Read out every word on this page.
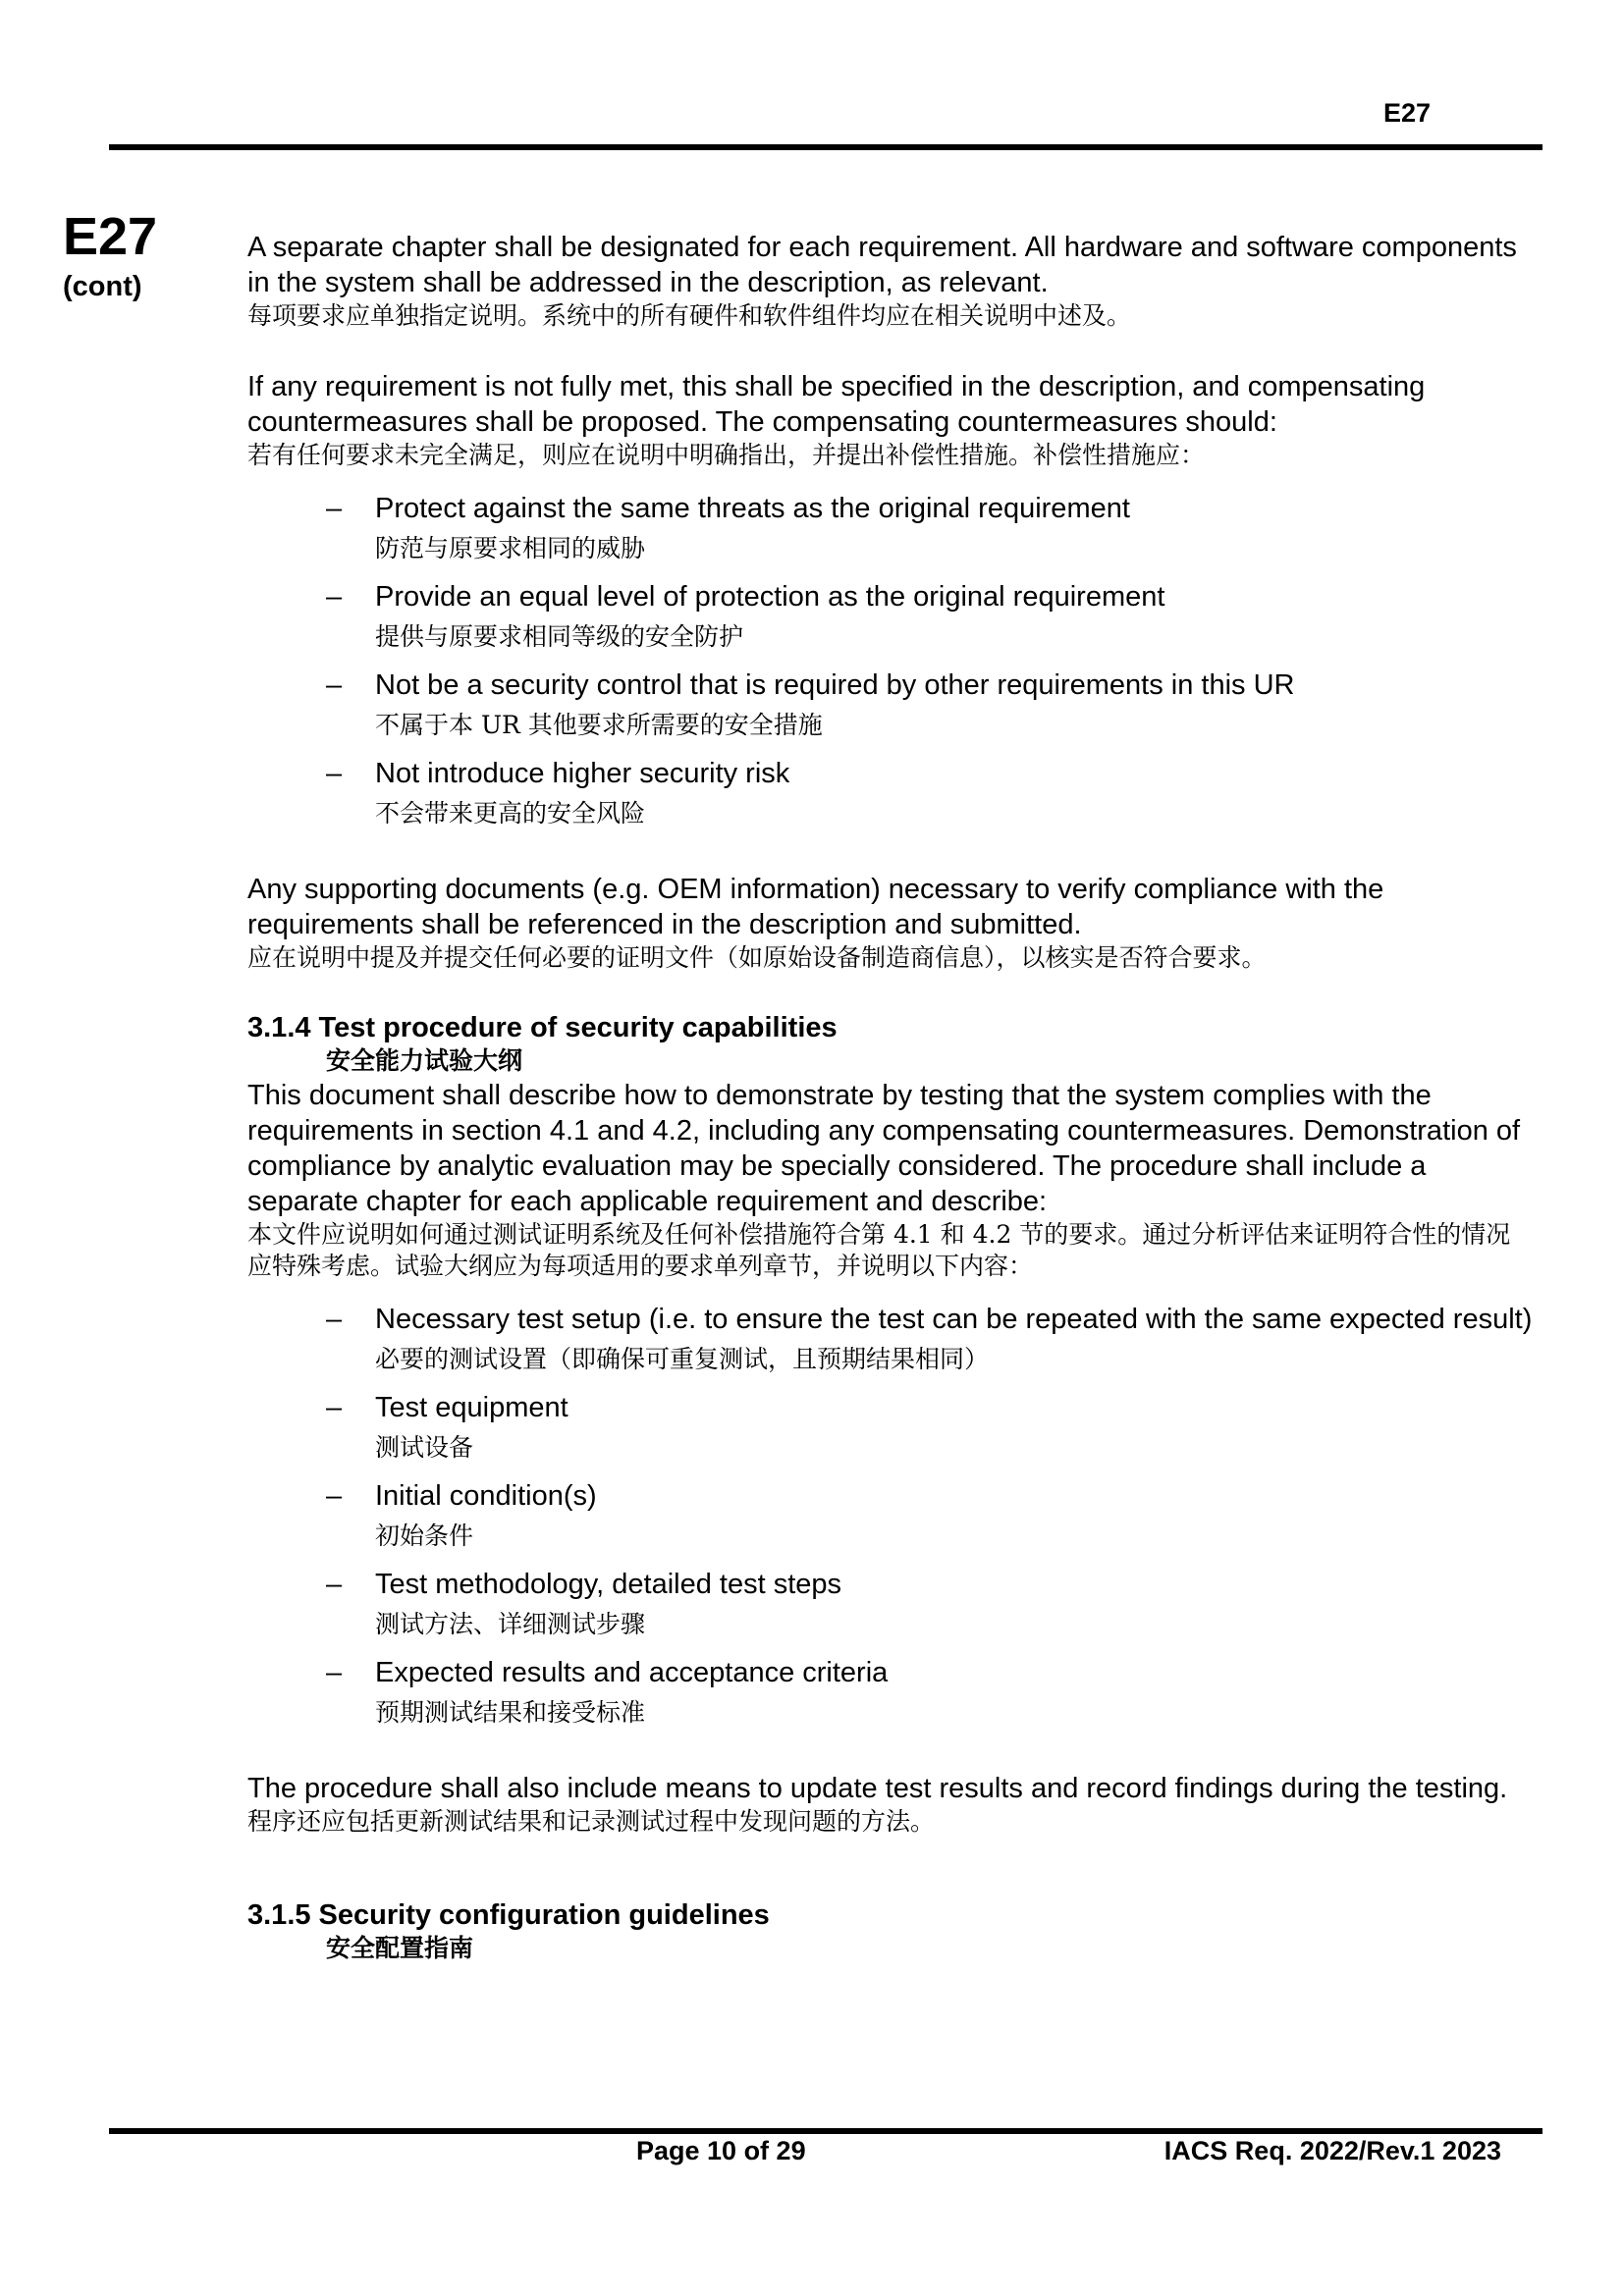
E27
E27
(cont)
A separate chapter shall be designated for each requirement. All hardware and software components in the system shall be addressed in the description, as relevant.
每项要求应单独指定说明。系统中的所有硬件和软件组件均应在相关说明中述及。
If any requirement is not fully met, this shall be specified in the description, and compensating countermeasures shall be proposed. The compensating countermeasures should:
若有任何要求未完全满足，则应在说明中明确指出，并提出补偿性措施。补偿性措施应：
– Protect against the same threats as the original requirement
防范与原要求相同的威胁
– Provide an equal level of protection as the original requirement
提供与原要求相同等级的安全防护
– Not be a security control that is required by other requirements in this UR
不属于本 UR 其他要求所需要的安全措施
– Not introduce higher security risk
不会带来更高的安全风险
Any supporting documents (e.g. OEM information) necessary to verify compliance with the requirements shall be referenced in the description and submitted.
应在说明中提及并提交任何必要的证明文件（如原始设备制造商信息），以核实是否符合要求。
3.1.4 Test procedure of security capabilities
安全能力试验大纲
This document shall describe how to demonstrate by testing that the system complies with the requirements in section 4.1 and 4.2, including any compensating countermeasures. Demonstration of compliance by analytic evaluation may be specially considered. The procedure shall include a separate chapter for each applicable requirement and describe:
本文件应说明如何通过测试证明系统及任何补偿措施符合第 4.1 和 4.2 节的要求。通过分析评估来证明符合性的情况应特殊考虑。试验大纲应为每项适用的要求单列章节，并说明以下内容：
– Necessary test setup (i.e. to ensure the test can be repeated with the same expected result)
必要的测试设置（即确保可重复测试，且预期结果相同）
– Test equipment
测试设备
– Initial condition(s)
初始条件
– Test methodology, detailed test steps
测试方法、详细测试步骤
– Expected results and acceptance criteria
预期测试结果和接受标准
The procedure shall also include means to update test results and record findings during the testing.
程序还应包括更新测试结果和记录测试过程中发现问题的方法。
3.1.5 Security configuration guidelines
安全配置指南
Page 10 of 29	IACS Req. 2022/Rev.1 2023
